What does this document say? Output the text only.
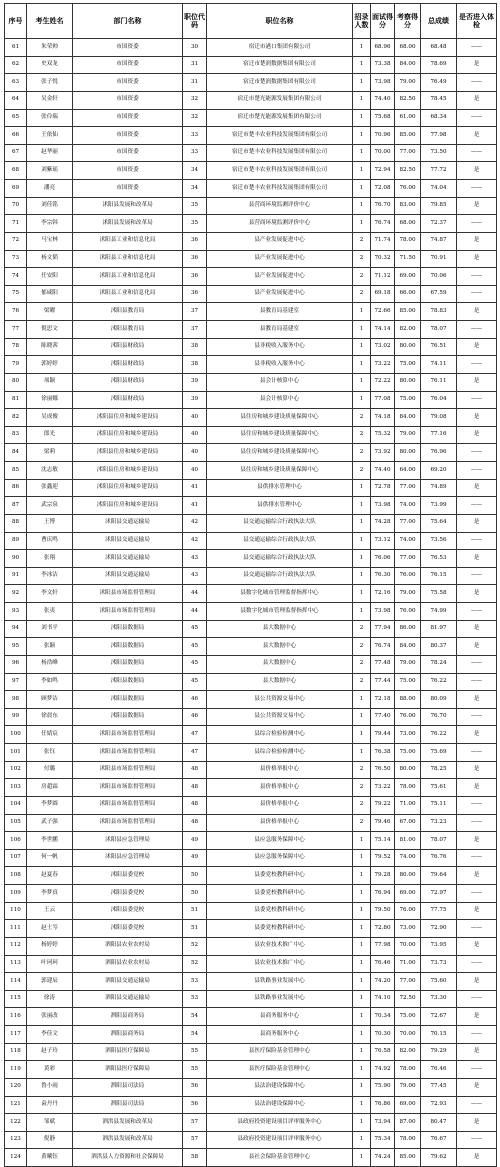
序号	考生姓名	部门名称	职位代码	职位名称	招录人数	面试得分	考察得分	总成绩	是否进入体检
61	朱荣帅	市国资委	30	宿迁市港口集团有限公司	1	68.96	68.00	68.48	——
62	史双龙	市国资委	31	宿迁市楚润数据集团有限公司	1	73.38	84.00	78.69	是
63	张子悦	市国资委	31	宿迁市楚润数据集团有限公司	1	73.98	79.00	76.49	——
64	吴金轩	市国资委	32	宿迁市楚光能源发展集团有限公司	1	74.40	82.50	78.45	是
65	张伶瑞	市国资委	32	宿迁市楚光能源发展集团有限公司	1	75.68	61.00	68.34	——
66	王依仙	市国资委	33	宿迁市楚丰农业科技发展集团有限公司	1	70.96	85.00	77.98	是
67	赵华丽	市国资委	33	宿迁市楚丰农业科技发展集团有限公司	1	70.00	77.00	73.50	——
68	刘紫瑶	市国资委	34	宿迁市楚丰农业科技发展集团有限公司	1	72.94	82.50	77.72	是
69	潘亮	市国资委	34	宿迁市楚丰农业科技发展集团有限公司	1	72.08	76.00	74.04	——
70	刘佳铭	沭阳县发展和改革局	35	县营商环境监测评价中心	1	76.70	83.00	79.85	是
71	李宗韩	沭阳县发展和改革局	35	县营商环境监测评价中心	1	76.74	68.00	72.37	——
72	马宝林	沭阳县工业和信息化局	36	县产业发展促进中心	2	71.74	78.00	74.87	是
73	杨文韬	沭阳县工业和信息化局	36	县产业发展促进中心	2	70.32	71.50	70.91	是
74	任安阳	沭阳县工业和信息化局	36	县产业发展促进中心	2	71.12	69.00	70.06	——
75	郁咸阳	沭阳县工业和信息化局	36	县产业发展促进中心	2	69.18	66.00	67.59	——
76	梁曜	沭阳县教育局	37	县教育局基建室	1	72.66	85.00	78.83	是
77	倪思文	沭阳县教育局	37	县教育局基建室	1	74.14	82.00	78.07	——
78	陈晓茜	沭阳县财政局	38	县非税收入服务中心	1	73.02	80.00	76.51	是
79	郭婷婷	沭阳县财政局	38	县非税收入服务中心	1	73.22	75.00	74.11	——
80	项颖	沭阳县财政局	39	县会计核算中心	1	72.22	80.00	76.11	是
81	徐丽娜	沭阳县财政局	39	县会计核算中心	1	77.08	75.00	76.04	——
82	吴成俊	沭阳县住房和城乡建设局	40	县住房和城乡建设质量保障中心	2	74.18	84.00	79.08	是
83	郎光	沭阳县住房和城乡建设局	40	县住房和城乡建设质量保障中心	2	75.32	79.00	77.16	是
84	梁莉	沭阳县住房和城乡建设局	40	县住房和城乡建设质量保障中心	2	73.92	80.00	76.96	——
85	沈志敏	沭阳县住房和城乡建设局	40	县住房和城乡建设质量保障中心	2	74.40	64.00	69.20	——
86	张鑫迎	沭阳县住房和城乡建设局	41	县供排水管理中心	1	72.78	77.00	74.89	是
87	武宗泉	沭阳县住房和城乡建设局	41	县供排水管理中心	1	73.98	74.00	73.99	——
88	王博	沭阳县交通运输局	42	县交通运输综合行政执法大队	1	74.28	77.00	75.64	是
89	曹庆鸣	沭阳县交通运输局	42	县交通运输综合行政执法大队	1	73.12	74.00	73.56	——
90	张翔	沭阳县交通运输局	43	县交通运输综合行政执法大队	1	76.06	77.00	76.53	是
91	李冰洁	沭阳县交通运输局	43	县交通运输综合行政执法大队	1	76.30	76.00	76.15	——
92	李文轩	沭阳县市场监督管理局	44	县数字化城市管理监督指挥中心	1	72.16	79.00	75.58	是
93	张夷	沭阳县市场监督管理局	44	县数字化城市管理监督指挥中心	1	73.98	76.00	74.99	——
94	刘书平	沭阳县数据局	45	县大数据中心	2	77.94	86.00	81.97	是
95	张颖	沭阳县数据局	45	县大数据中心	2	76.74	84.00	80.37	是
96	杨浩峰	沭阳县数据局	45	县大数据中心	2	77.48	79.00	78.24	——
97	李如鸣	沭阳县数据局	45	县大数据中心	2	77.44	75.00	76.22	——
98	顾梦洁	沭阳县数据局	46	县公共资源交易中心	1	72.18	88.00	80.09	是
99	徐晨东	沭阳县数据局	46	县公共资源交易中心	1	77.40	76.00	76.70	——
100	任婧宸	沭阳县市场监督管理局	47	县综合检验检测中心	1	79.44	73.00	76.22	是
101	张钰	沭阳县市场监督管理局	47	县综合检验检测中心	1	76.38	75.00	75.69	——
102	付璐	沭阳县市场监督管理局	48	县价格举报中心	2	76.50	80.00	78.25	是
103	房超霖	沭阳县市场监督管理局	48	县价格举报中心	2	73.22	78.00	75.61	是
104	李梦圆	沭阳县市场监督管理局	48	县价格举报中心	2	79.22	71.00	75.11	——
105	武子强	沭阳县市场监督管理局	48	县价格举报中心	2	79.46	67.00	73.23	——
106	李世鹏	沭阳县应急管理局	49	县应急服务保障中心	1	75.14	81.00	78.07	是
107	何一帆	沭阳县应急管理局	49	县应急服务保障中心	1	79.52	74.00	76.76	——
108	赵夏春	沭阳县委党校	50	县委党校教科研中心	1	79.28	80.00	79.64	是
109	李梦真	沭阳县委党校	50	县委党校教科研中心	1	76.94	69.00	72.97	——
110	王云	沭阳县委党校	51	县委党校教科研中心	1	79.50	76.00	77.75	是
111	赵士岑	沭阳县委党校	51	县委党校教科研中心	1	72.80	73.00	72.90	——
112	杨婷婷	泗阳县农业农村局	52	县农业技术推广中心	1	77.98	70.00	73.95	是
113	叶珂珂	泗阳县农业农村局	52	县农业技术推广中心	1	76.46	71.00	73.73	——
114	郭建辰	泗阳县交通运输局	53	县铁路事业发展中心	1	74.20	77.00	75.60	是
115	徐涛	泗阳县交通运输局	53	县铁路事业发展中心	1	74.10	72.50	73.30	——
116	张丽改	泗阳县商务局	54	县商务服务中心	1	70.34	75.00	72.67	是
117	李佳文	泗阳县商务局	54	县商务服务中心	1	70.30	70.00	70.15	——
118	赵子玲	泗阳县医疗保障局	55	县医疗保险基金管理中心	1	76.58	82.00	79.29	是
119	黄彩	泗阳县医疗保障局	55	县医疗保险基金管理中心	1	74.92	78.00	76.46	——
120	鲁小雨	泗阳县司法局	56	县法治建设保障中心	1	75.90	79.00	77.45	是
121	袁丹丹	泗阳县司法局	56	县法治建设保障中心	1	76.86	69.00	72.93	——
122	邹斌	泗洪县发展和改革局	57	县政府投资建设项目评审服务中心	1	73.94	87.00	80.47	是
123	倪静	泗洪县发展和改革局	57	县政府投资建设项目评审服务中心	1	75.34	78.00	76.67	——
124	黄曦钰	泗洪县人力资源和社会保障局	58	县社会保险基金管理中心	1	74.24	85.00	79.62	是
